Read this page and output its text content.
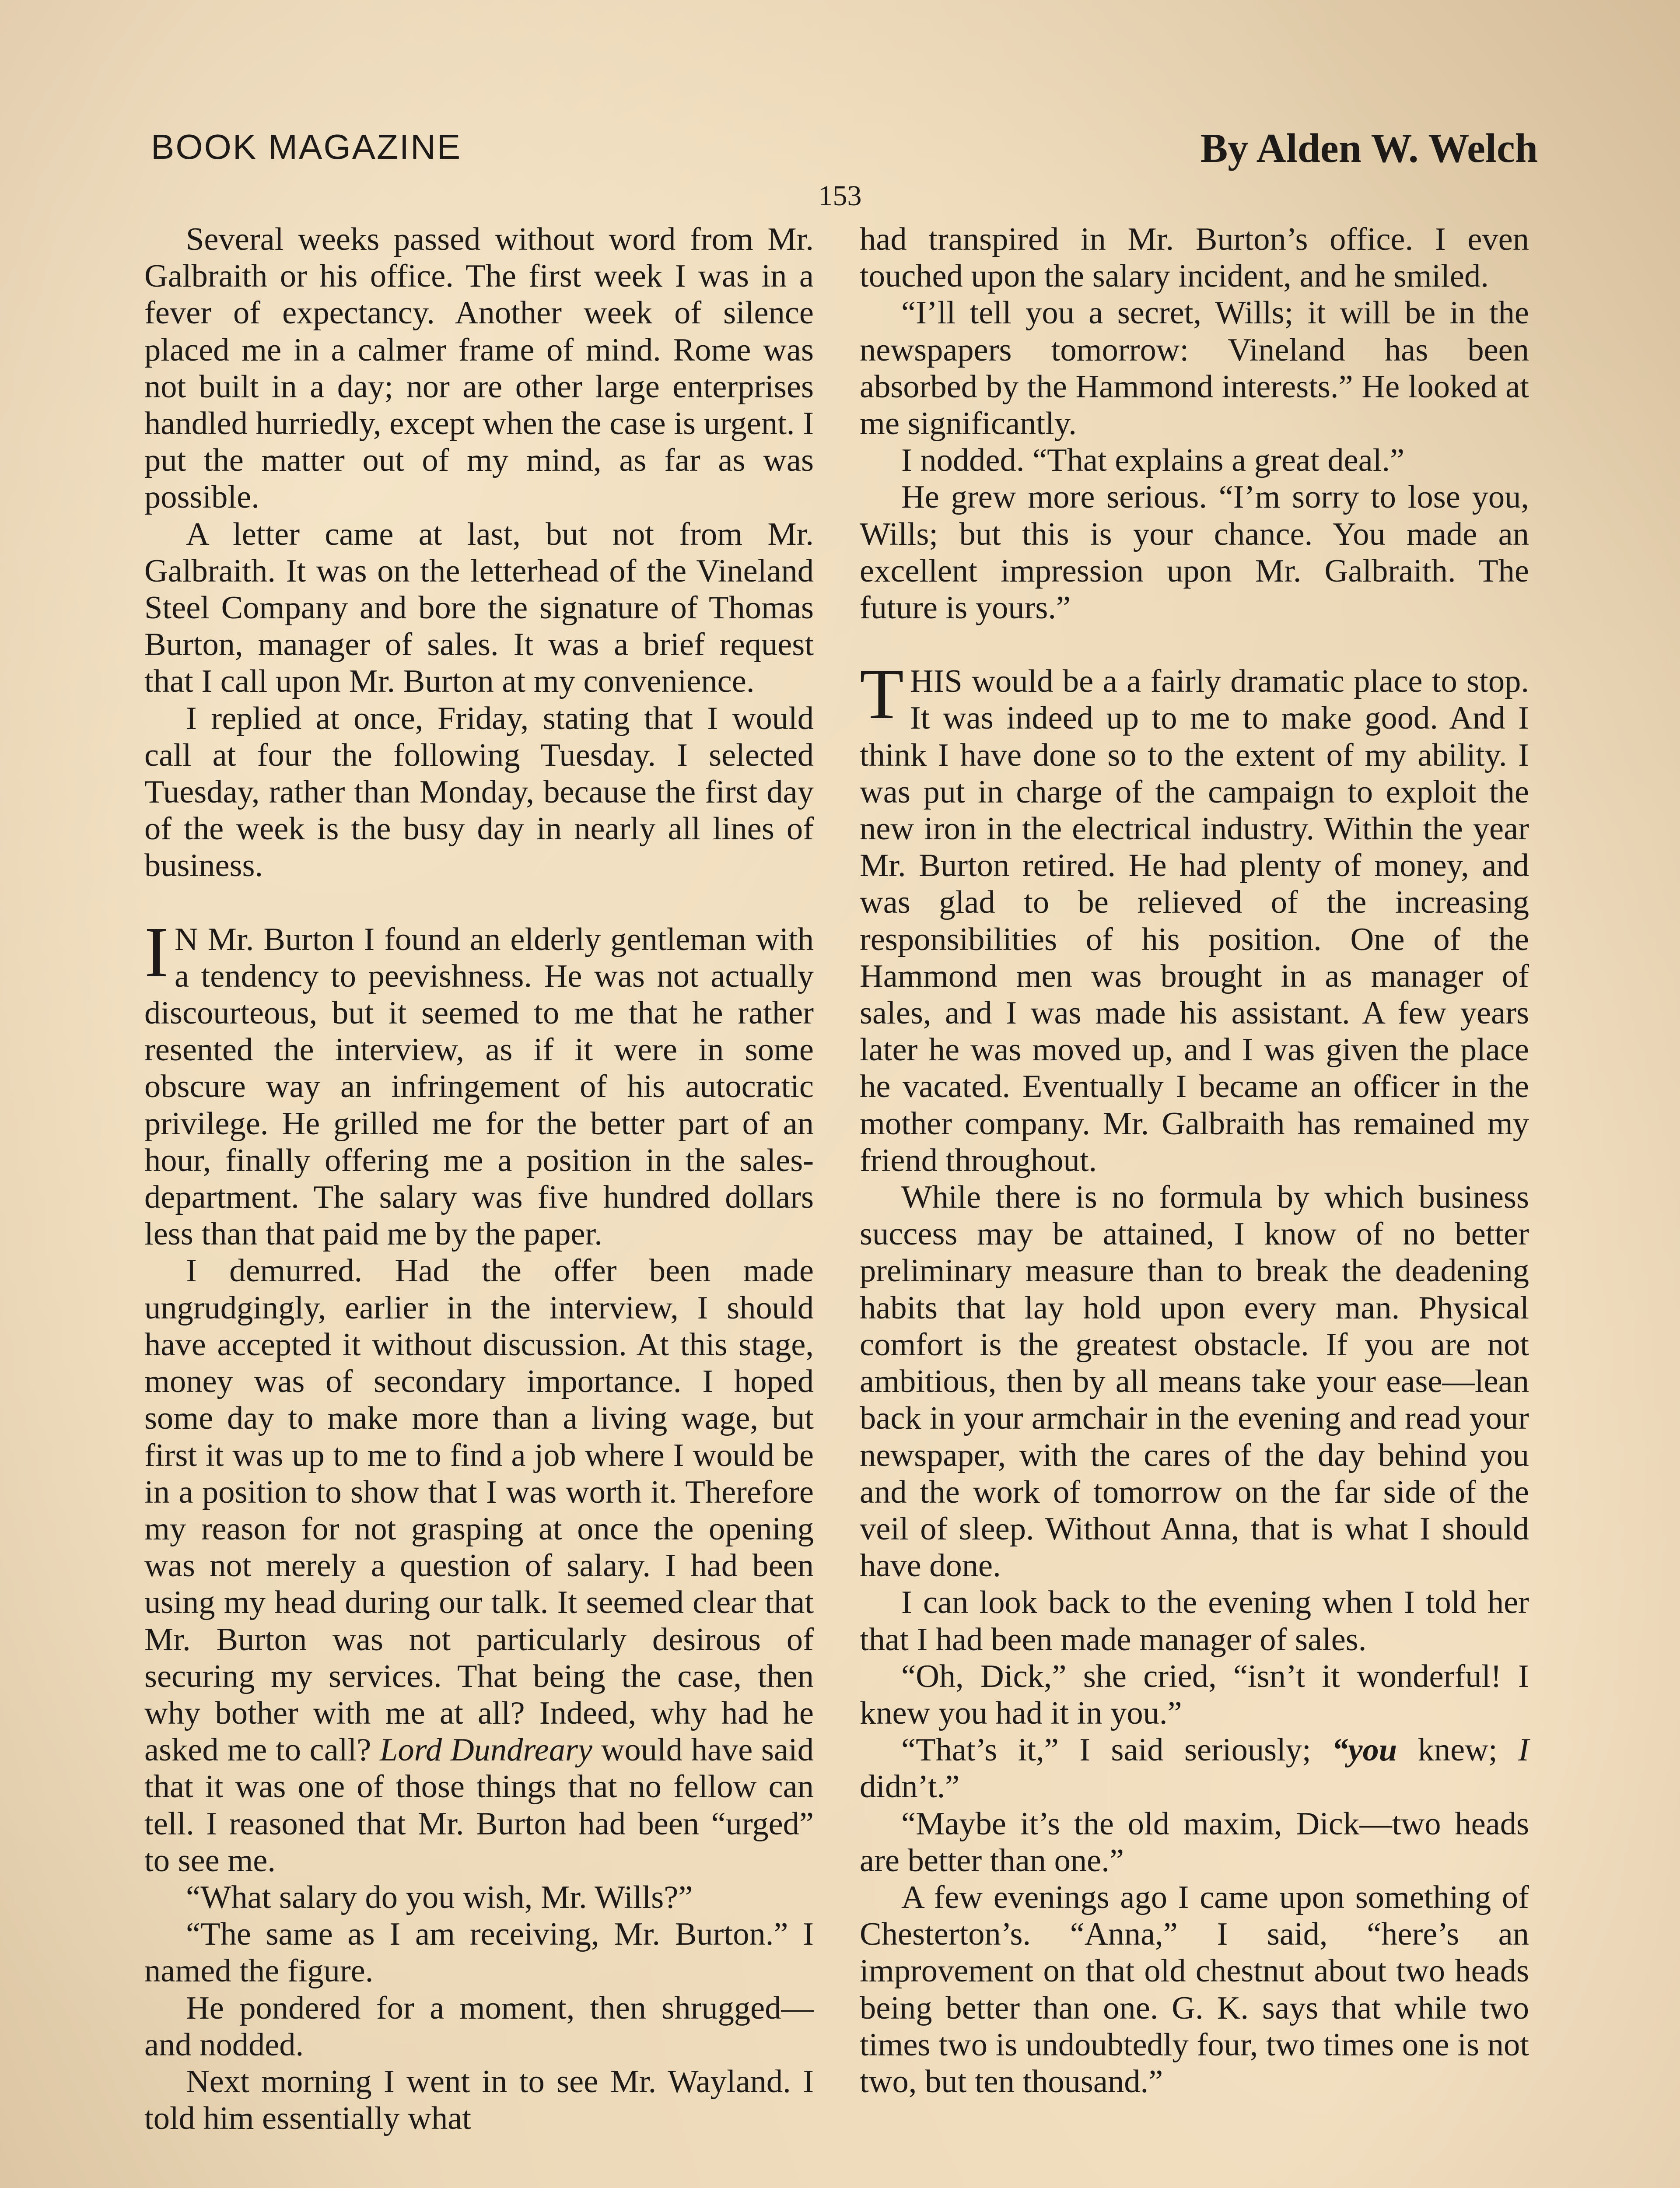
BOOK MAGAZINE	By Alden W. Welch
153

Several weeks passed without word from Mr. Galbraith or his office. The first week I was in a fever of expectancy. Another week of silence placed me in a calmer frame of mind. Rome was not built in a day; nor are other large enterprises handled hurriedly, except when the case is urgent. I put the matter out of my mind, as far as was possible.

A letter came at last, but not from Mr. Galbraith. It was on the letterhead of the Vineland Steel Company and bore the signature of Thomas Burton, manager of sales. It was a brief request that I call upon Mr. Burton at my convenience.

I replied at once, Friday, stating that I would call at four the following Tuesday. I selected Tuesday, rather than Monday, because the first day of the week is the busy day in nearly all lines of business.

I N Mr. Burton I found an elderly gentleman with a tendency to peevishness. He was not actually discourteous, but it seemed to me that he rather resented the interview, as if it were in some obscure way an infringement of his autocratic privilege. He grilled me for the better part of an hour, finally offering me a position in the sales-department. The salary was five hundred dollars less than that paid me by the paper.

I demurred. Had the offer been made ungrudgingly, earlier in the interview, I should have accepted it without discussion. At this stage, money was of secondary importance. I hoped some day to make more than a living wage, but first it was up to me to find a job where I would be in a position to show that I was worth it. Therefore my reason for not grasping at once the opening was not merely a question of salary. I had been using my head during our talk. It seemed clear that Mr. Burton was not particularly desirous of securing my services. That being the case, then why bother with me at all? Indeed, why had he asked me to call? Lord Dundreary would have said that it was one of those things that no fellow can tell. I reasoned that Mr. Burton had been “urged” to see me.

“What salary do you wish, Mr. Wills?”

“The same as I am receiving, Mr. Burton.” I named the figure.

He pondered for a moment, then shrugged—and nodded.

Next morning I went in to see Mr. Wayland. I told him essentially what

had transpired in Mr. Burton’s office. I even touched upon the salary incident, and he smiled.

“I’ll tell you a secret, Wills; it will be in the newspapers tomorrow: Vineland has been absorbed by the Hammond interests.” He looked at me significantly.

I nodded. “That explains a great deal.”

He grew more serious. “I’m sorry to lose you, Wills; but this is your chance. You made an excellent impression upon Mr. Galbraith. The future is yours.”

THIS would be a a fairly dramatic place to stop. It was indeed up to me to make good. And I think I have done so to the extent of my ability. I was put in charge of the campaign to exploit the new iron in the electrical industry. Within the year Mr. Burton retired. He had plenty of money, and was glad to be relieved of the increasing responsibilities of his position. One of the Hammond men was brought in as manager of sales, and I was made his assistant. A few years later he was moved up, and I was given the place he vacated. Eventually I became an officer in the mother company. Mr. Galbraith has remained my friend throughout.

While there is no formula by which business success may be attained, I know of no better preliminary measure than to break the deadening habits that lay hold upon every man. Physical comfort is the greatest obstacle. If you are not ambitious, then by all means take your ease—lean back in your armchair in the evening and read your newspaper, with the cares of the day behind you and the work of tomorrow on the far side of the veil of sleep. Without Anna, that is what I should have done.

I can look back to the evening when I told her that I had been made manager of sales.

“Oh, Dick,” she cried, “isn’t it wonderful! I knew you had it in you.”

“That’s it,” I said seriously; “you knew; I didn’t.”

“Maybe it’s the old maxim, Dick—two heads are better than one.”

A few evenings ago I came upon something of Chesterton’s. “Anna,” I said, “here’s an improvement on that old chestnut about two heads being better than one. G. K. says that while two times two is undoubtedly four, two times one is not two, but ten thousand.”
